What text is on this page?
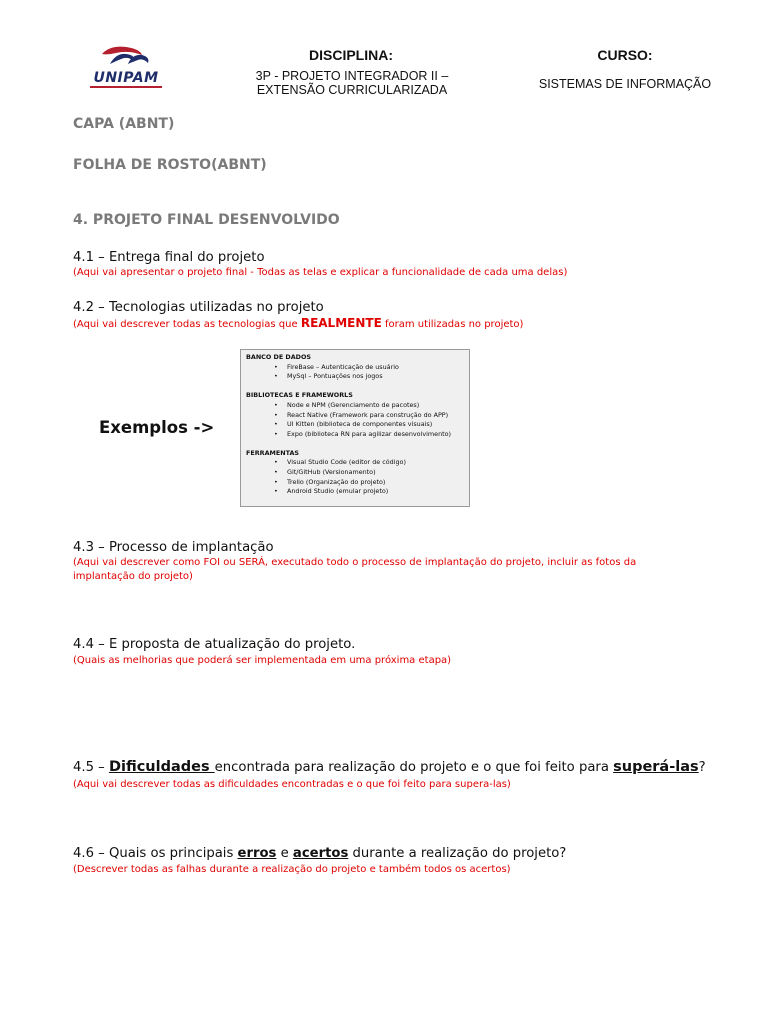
UNIPAM
DISCIPLINA:
3P - PROJETO INTEGRADOR II – EXTENSÃO CURRICULARIZADA
CURSO:
SISTEMAS DE INFORMAÇÃO
CAPA (ABNT)
FOLHA DE ROSTO(ABNT)
4. PROJETO FINAL DESENVOLVIDO
4.1 – Entrega final do projeto
(Aqui vai apresentar o projeto final - Todas as telas e explicar a funcionalidade de cada uma delas)
4.2 – Tecnologias utilizadas no projeto
(Aqui vai descrever todas as tecnologias que REALMENTE foram utilizadas no projeto)
Exemplos ->
BANCO DE DADOS
• FireBase – Autenticação de usuário
• MySql – Pontuações nos jogos
BIBLIOTECAS E FRAMEWORLS
• Node e NPM (Gerenciamento de pacotes)
• React Native (Framework para construção do APP)
• UI Kitten (biblioteca de componentes visuais)
• Expo (biblioteca RN para agilizar desenvolvimento)
FERRAMENTAS
• Visual Studio Code (editor de código)
• Git/GitHub (Versionamento)
• Trello (Organização do projeto)
• Android Studio (emular projeto)
4.3 – Processo de implantação
(Aqui vai descrever como FOI ou SERÁ, executado todo o processo de implantação do projeto, incluir as fotos da implantação do projeto)
4.4 – E proposta de atualização do projeto.
(Quais as melhorias que poderá ser implementada em uma próxima etapa)
4.5 – Dificuldades encontrada para realização do projeto e o que foi feito para superá-las?
(Aqui vai descrever todas as dificuldades encontradas e o que foi feito para supera-las)
4.6 – Quais os principais erros e acertos durante a realização do projeto?
(Descrever todas as falhas durante a realização do projeto e também todos os acertos)
